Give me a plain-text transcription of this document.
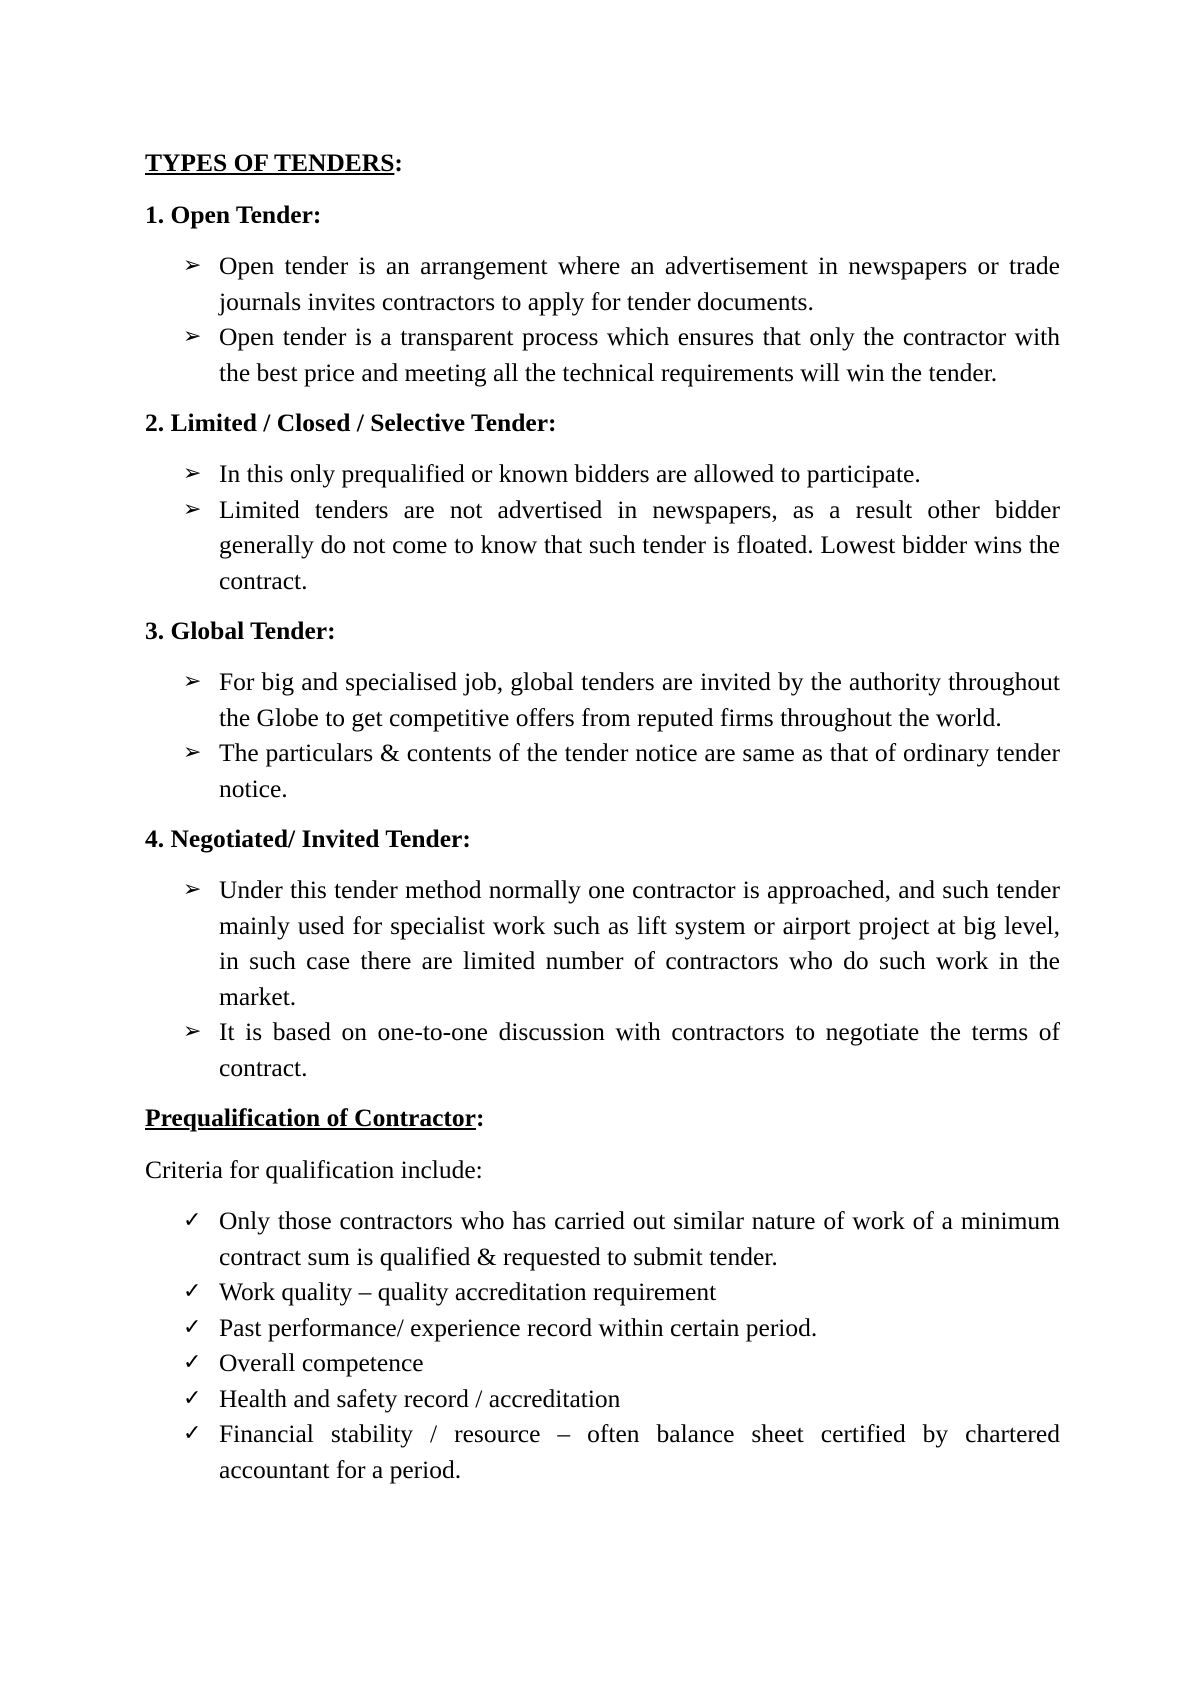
TYPES OF TENDERS:
1. Open Tender:
➢ Open tender is an arrangement where an advertisement in newspapers or trade journals invites contractors to apply for tender documents.
➢ Open tender is a transparent process which ensures that only the contractor with the best price and meeting all the technical requirements will win the tender.
2. Limited / Closed / Selective Tender:
➢ In this only prequalified or known bidders are allowed to participate.
➢ Limited tenders are not advertised in newspapers, as a result other bidder generally do not come to know that such tender is floated. Lowest bidder wins the contract.
3. Global Tender:
➢ For big and specialised job, global tenders are invited by the authority throughout the Globe to get competitive offers from reputed firms throughout the world.
➢ The particulars & contents of the tender notice are same as that of ordinary tender notice.
4. Negotiated/ Invited Tender:
➢ Under this tender method normally one contractor is approached, and such tender mainly used for specialist work such as lift system or airport project at big level, in such case there are limited number of contractors who do such work in the market.
➢ It is based on one-to-one discussion with contractors to negotiate the terms of contract.
Prequalification of Contractor:
Criteria for qualification include:
✓ Only those contractors who has carried out similar nature of work of a minimum contract sum is qualified & requested to submit tender.
✓ Work quality – quality accreditation requirement
✓ Past performance/ experience record within certain period.
✓ Overall competence
✓ Health and safety record / accreditation
✓ Financial stability / resource – often balance sheet certified by chartered accountant for a period.
